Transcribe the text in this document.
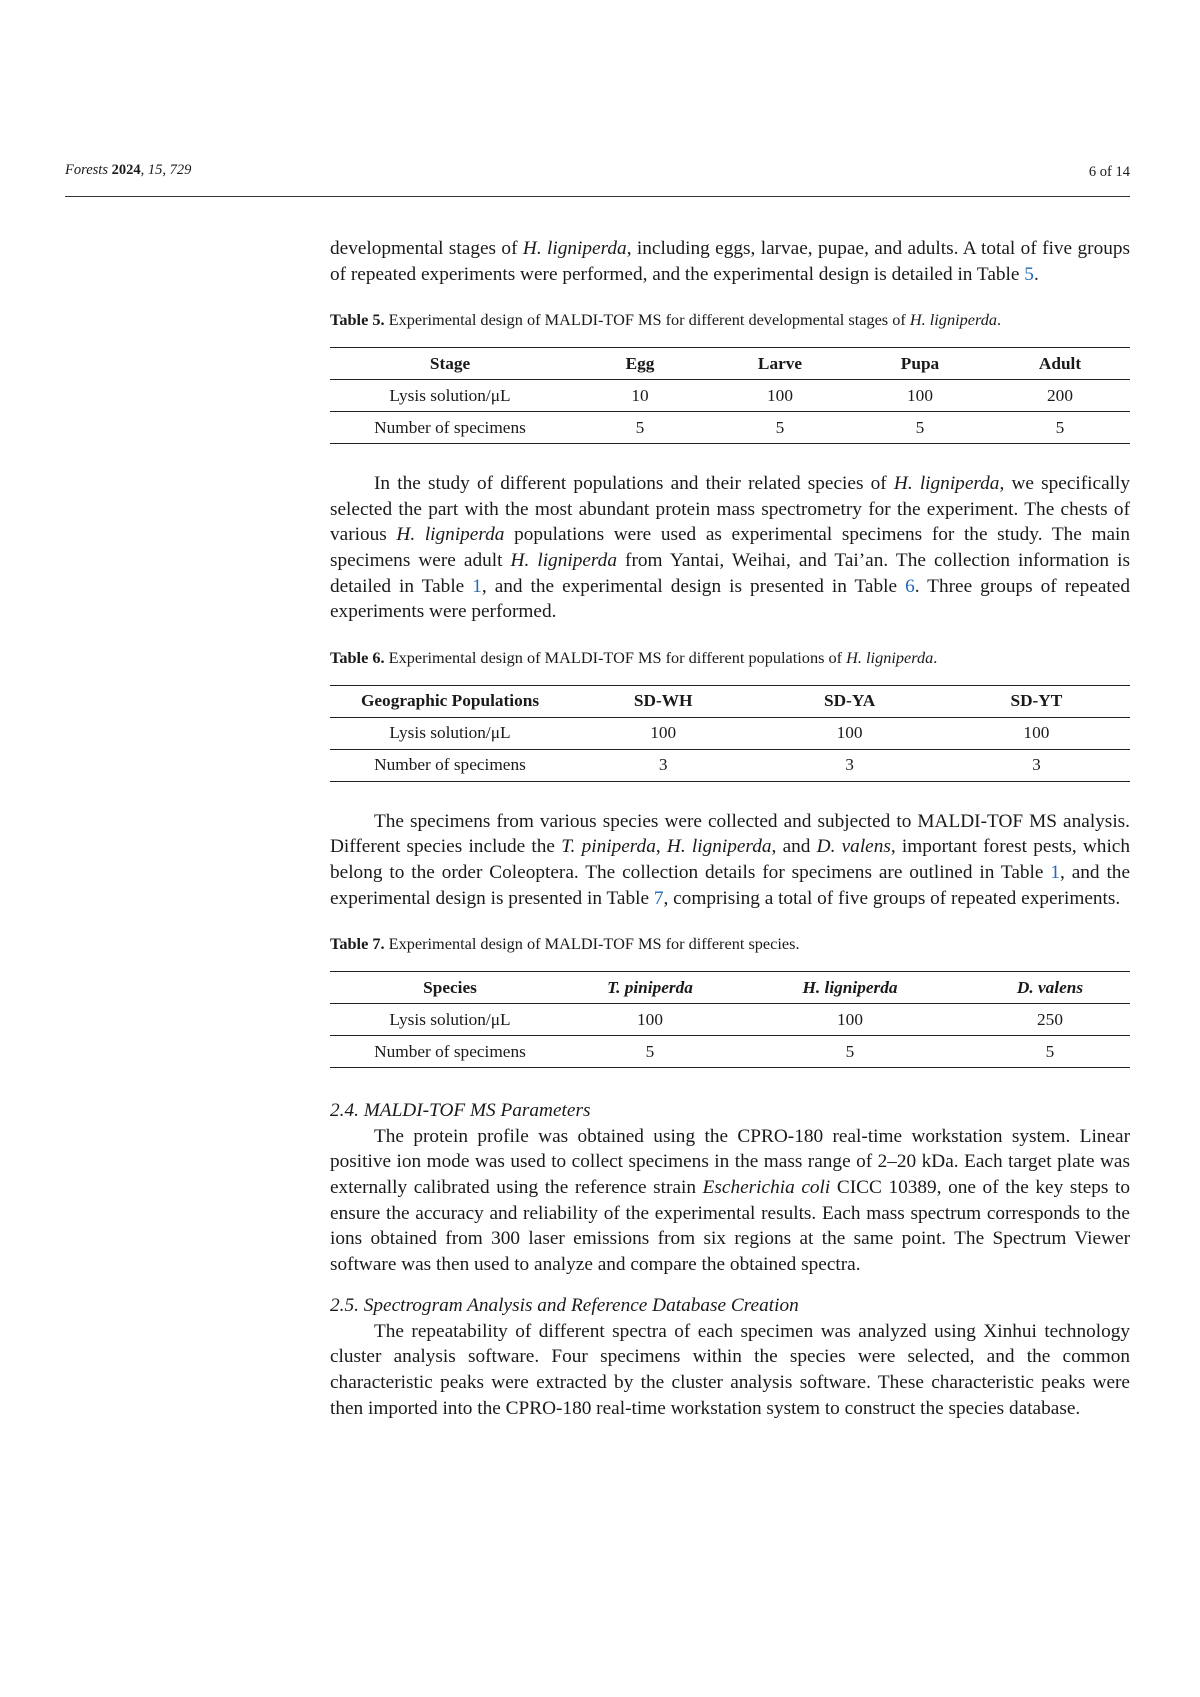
Forests 2024, 15, 729	6 of 14

developmental stages of H. ligniperda, including eggs, larvae, pupae, and adults. A total of five groups of repeated experiments were performed, and the experimental design is detailed in Table 5.

Table 5. Experimental design of MALDI-TOF MS for different developmental stages of H. ligniperda.

Stage	Egg	Larve	Pupa	Adult
Lysis solution/μL	10	100	100	200
Number of specimens	5	5	5	5

In the study of different populations and their related species of H. ligniperda, we specifically selected the part with the most abundant protein mass spectrometry for the experiment. The chests of various H. ligniperda populations were used as experimental specimens for the study. The main specimens were adult H. ligniperda from Yantai, Weihai, and Tai’an. The collection information is detailed in Table 1, and the experimental design is presented in Table 6. Three groups of repeated experiments were performed.

Table 6. Experimental design of MALDI-TOF MS for different populations of H. ligniperda.

Geographic Populations	SD-WH	SD-YA	SD-YT
Lysis solution/μL	100	100	100
Number of specimens	3	3	3

The specimens from various species were collected and subjected to MALDI-TOF MS analysis. Different species include the T. piniperda, H. ligniperda, and D. valens, important forest pests, which belong to the order Coleoptera. The collection details for specimens are outlined in Table 1, and the experimental design is presented in Table 7, comprising a total of five groups of repeated experiments.

Table 7. Experimental design of MALDI-TOF MS for different species.

Species	T. piniperda	H. ligniperda	D. valens
Lysis solution/μL	100	100	250
Number of specimens	5	5	5

2.4. MALDI-TOF MS Parameters

The protein profile was obtained using the CPRO-180 real-time workstation system. Linear positive ion mode was used to collect specimens in the mass range of 2–20 kDa. Each target plate was externally calibrated using the reference strain Escherichia coli CICC 10389, one of the key steps to ensure the accuracy and reliability of the experimental results. Each mass spectrum corresponds to the ions obtained from 300 laser emissions from six regions at the same point. The Spectrum Viewer software was then used to analyze and compare the obtained spectra.

2.5. Spectrogram Analysis and Reference Database Creation

The repeatability of different spectra of each specimen was analyzed using Xinhui technology cluster analysis software. Four specimens within the species were selected, and the common characteristic peaks were extracted by the cluster analysis software. These characteristic peaks were then imported into the CPRO-180 real-time workstation system to construct the species database.
